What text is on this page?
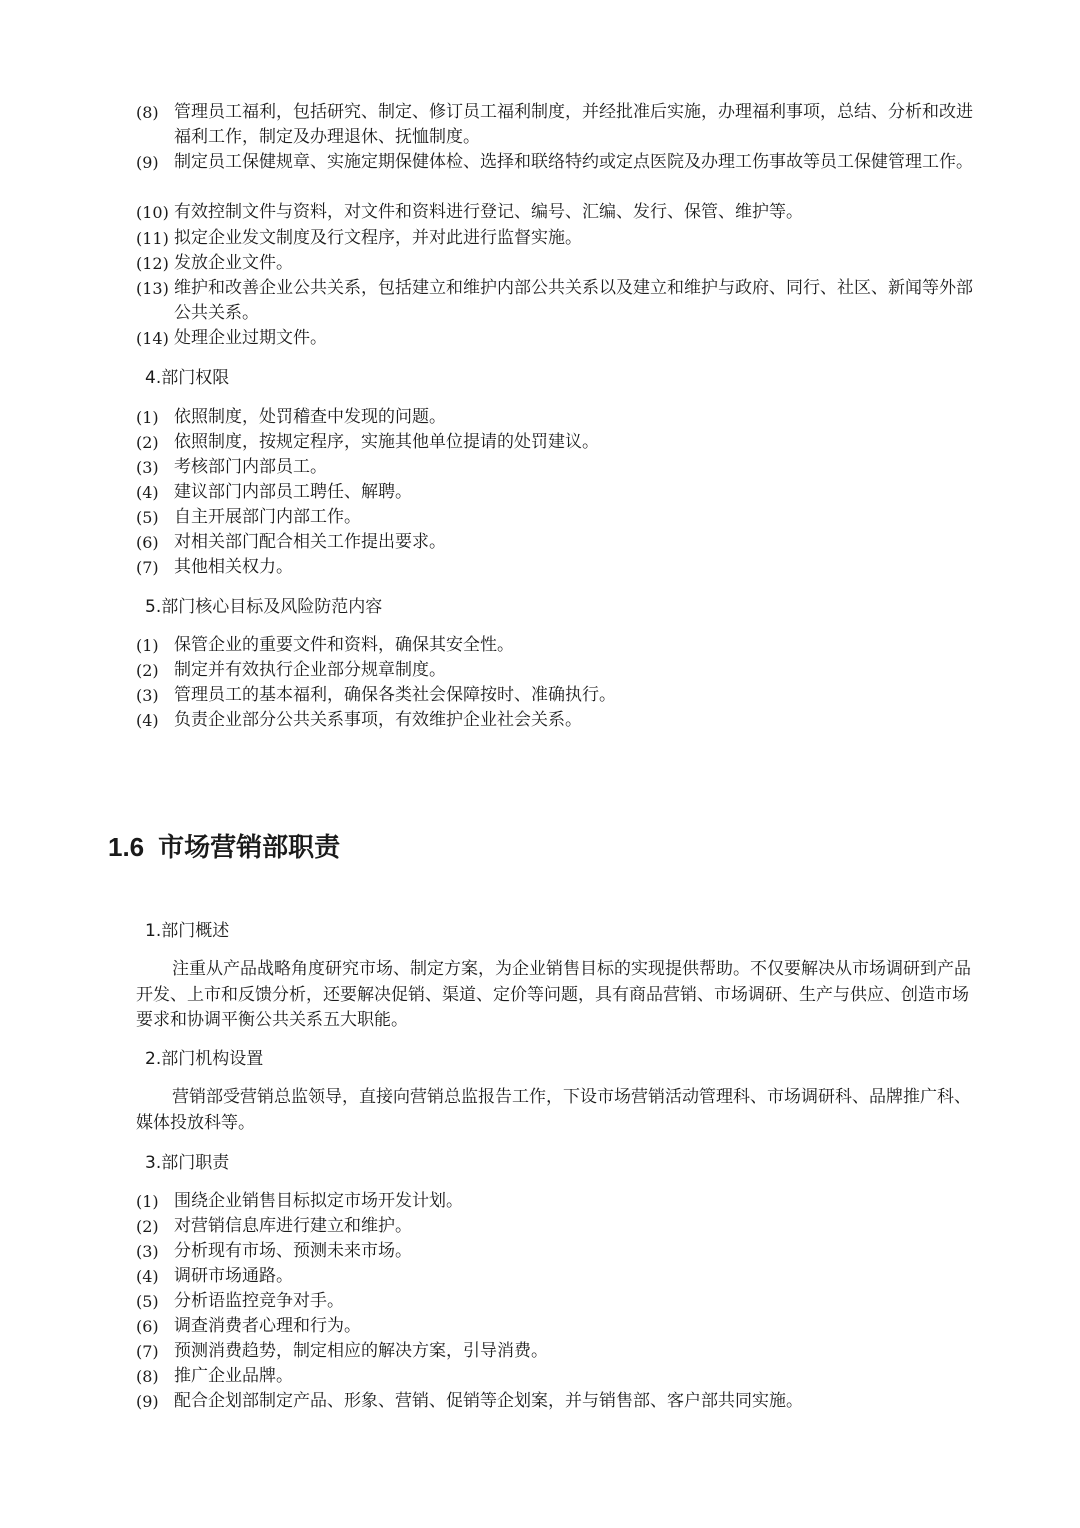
(8) 管理员工福利，包括研究、制定、修订员工福利制度，并经批准后实施，办理福利事项，总结、分析和改进福利工作，制定及办理退休、抚恤制度。
(9) 制定员工保健规章、实施定期保健体检、选择和联络特约或定点医院及办理工伤事故等员工保健管理工作。
(10) 有效控制文件与资料，对文件和资料进行登记、编号、汇编、发行、保管、维护等。
(11) 拟定企业发文制度及行文程序，并对此进行监督实施。
(12) 发放企业文件。
(13) 维护和改善企业公共关系，包括建立和维护内部公共关系以及建立和维护与政府、同行、社区、新闻等外部公共关系。
(14) 处理企业过期文件。
4.部门权限
(1) 依照制度，处罚稽查中发现的问题。
(2) 依照制度，按规定程序，实施其他单位提请的处罚建议。
(3) 考核部门内部员工。
(4) 建议部门内部员工聘任、解聘。
(5) 自主开展部门内部工作。
(6) 对相关部门配合相关工作提出要求。
(7) 其他相关权力。
5.部门核心目标及风险防范内容
(1) 保管企业的重要文件和资料，确保其安全性。
(2) 制定并有效执行企业部分规章制度。
(3) 管理员工的基本福利，确保各类社会保障按时、准确执行。
(4) 负责企业部分公共关系事项，有效维护企业社会关系。
1.6 市场营销部职责
1.部门概述
注重从产品战略角度研究市场、制定方案，为企业销售目标的实现提供帮助。不仅要解决从市场调研到产品开发、上市和反馈分析，还要解决促销、渠道、定价等问题，具有商品营销、市场调研、生产与供应、创造市场要求和协调平衡公共关系五大职能。
2.部门机构设置
营销部受营销总监领导，直接向营销总监报告工作，下设市场营销活动管理科、市场调研科、品牌推广科、媒体投放科等。
3.部门职责
(1) 围绕企业销售目标拟定市场开发计划。
(2) 对营销信息库进行建立和维护。
(3) 分析现有市场、预测未来市场。
(4) 调研市场通路。
(5) 分析语监控竞争对手。
(6) 调查消费者心理和行为。
(7) 预测消费趋势，制定相应的解决方案，引导消费。
(8) 推广企业品牌。
(9) 配合企划部制定产品、形象、营销、促销等企划案，并与销售部、客户部共同实施。
